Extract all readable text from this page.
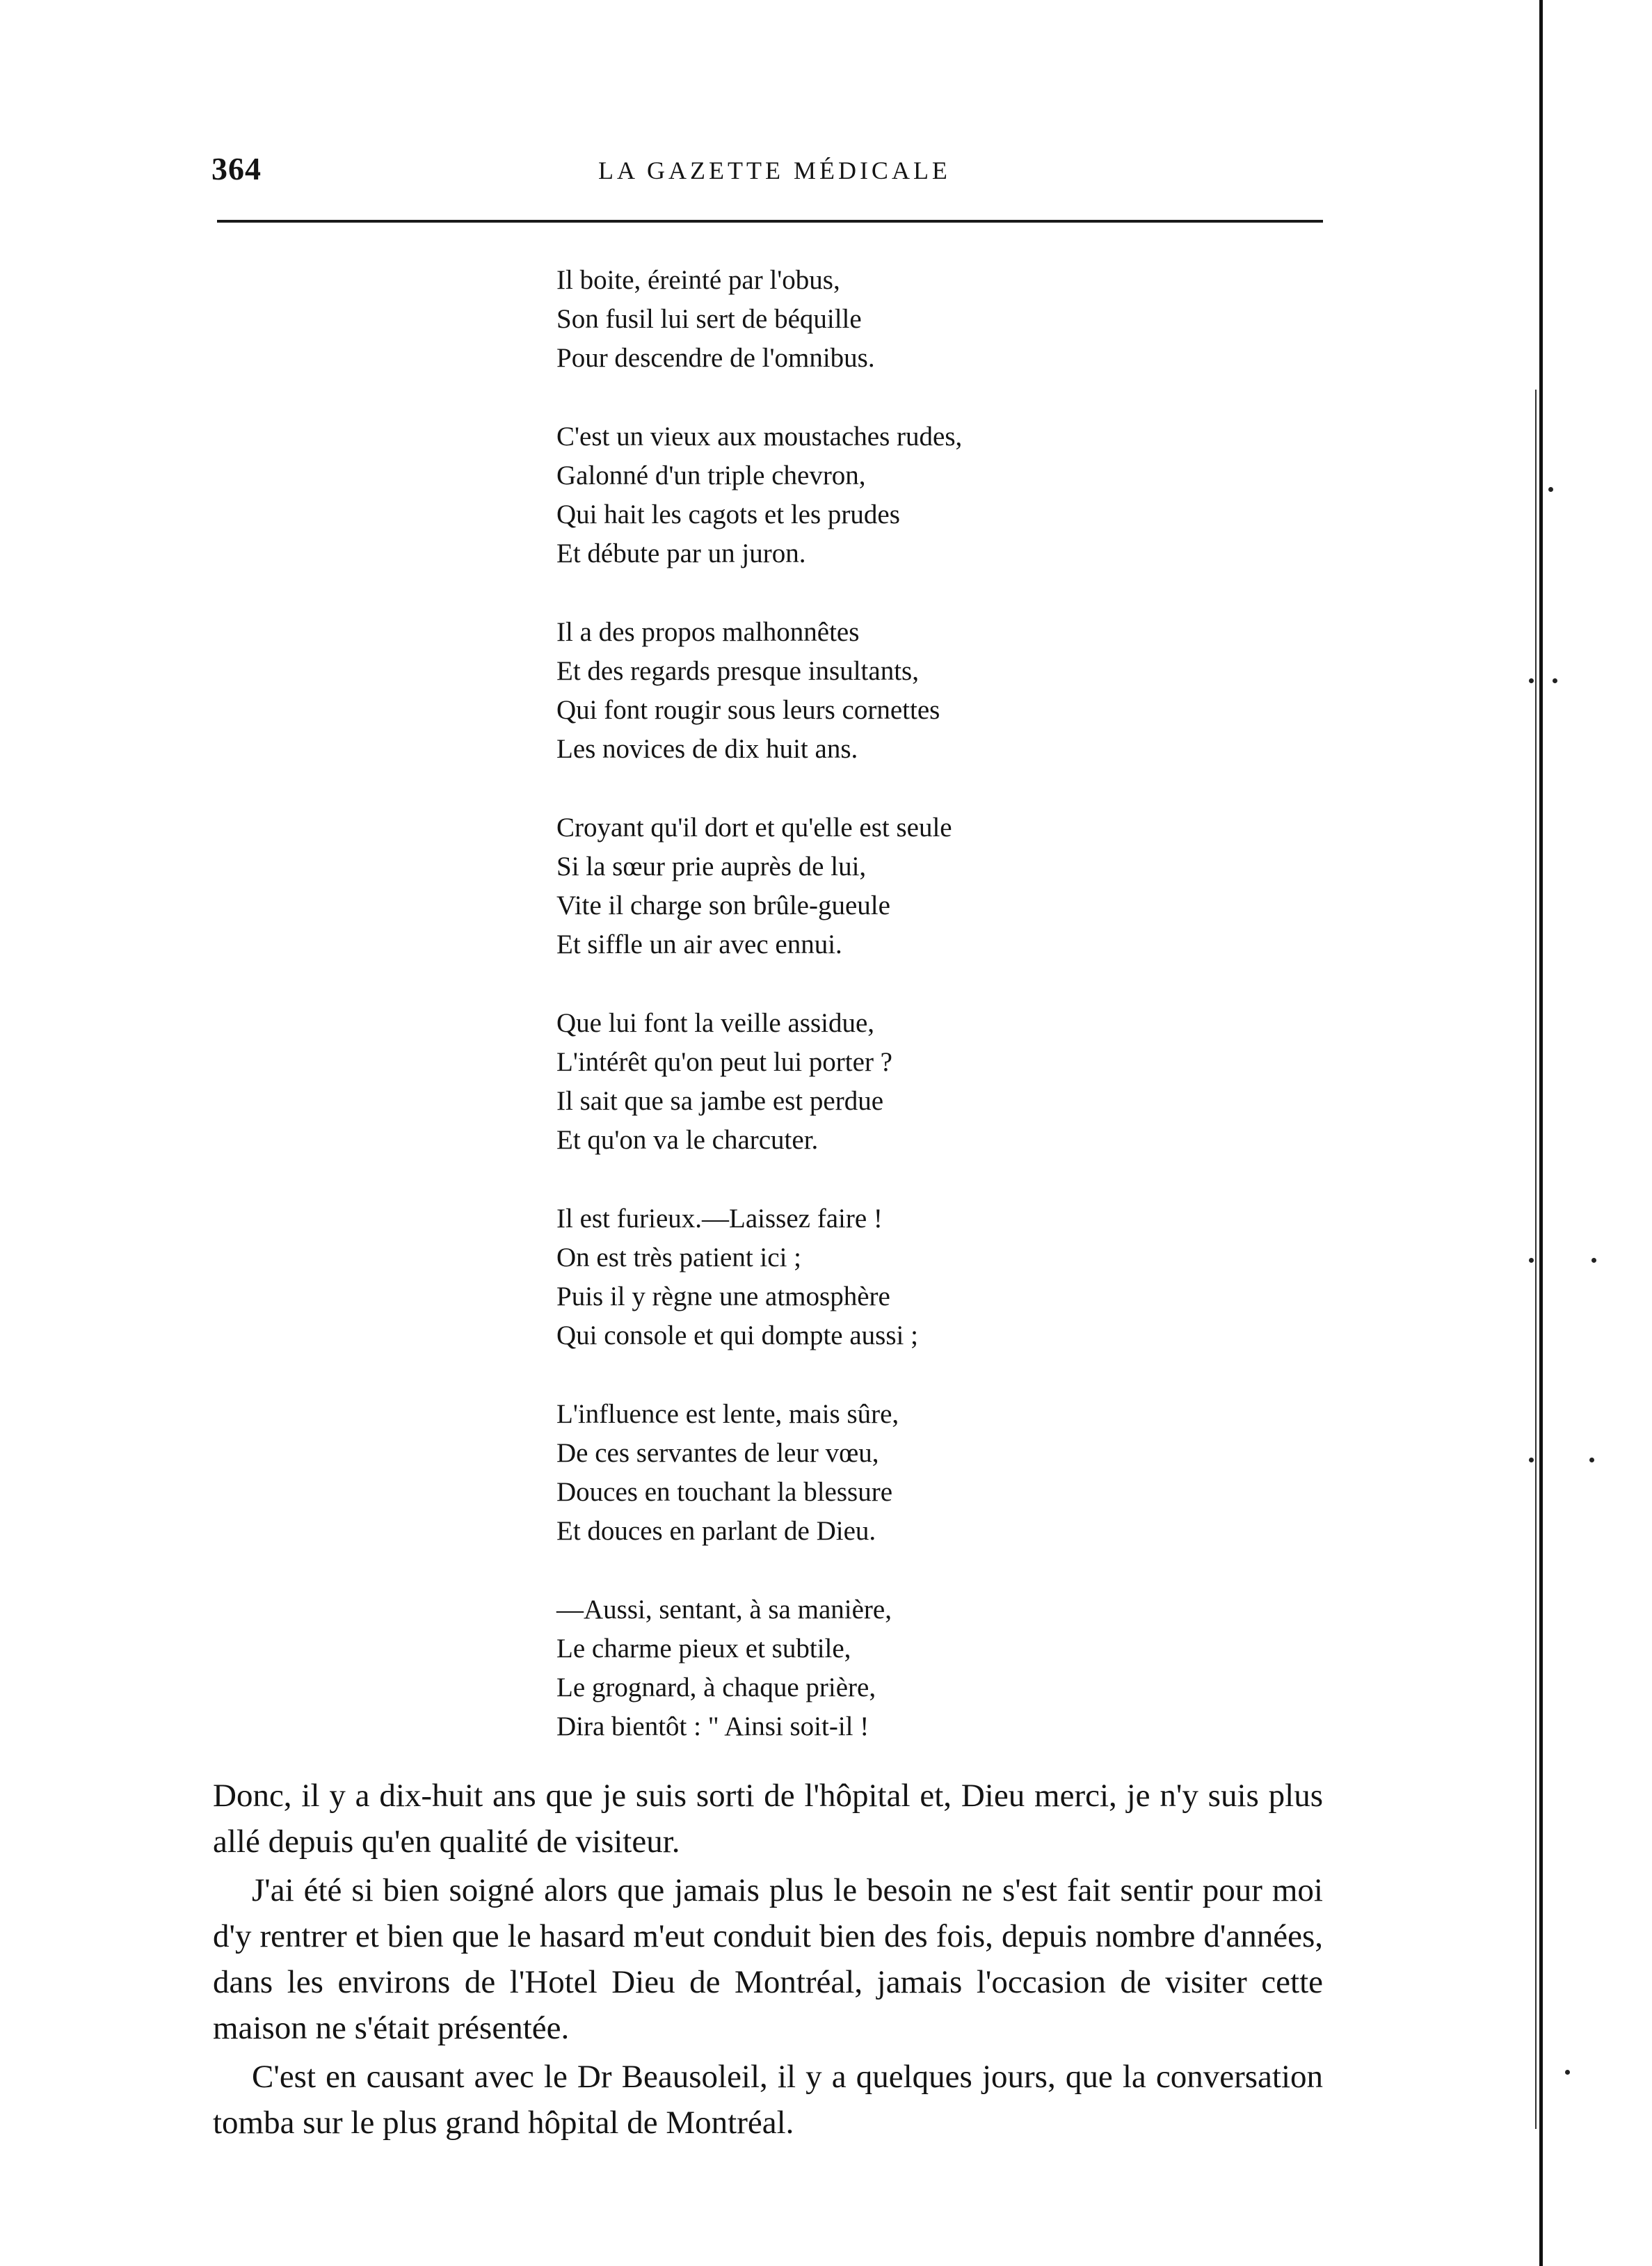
364	LA GAZETTE MÉDICALE
Il boite, éreinté par l'obus,
Son fusil lui sert de béquille
Pour descendre de l'omnibus.
C'est un vieux aux moustaches rudes,
Galonné d'un triple chevron,
Qui hait les cagots et les prudes
Et débute par un juron.
Il a des propos malhonnêtes
Et des regards presque insultants,
Qui font rougir sous leurs cornettes
Les novices de dix huit ans.
Croyant qu'il dort et qu'elle est seule
Si la sœur prie auprès de lui,
Vite il charge son brûle-gueule
Et siffle un air avec ennui.
Que lui font la veille assidue,
L'intérêt qu'on peut lui porter ?
Il sait que sa jambe est perdue
Et qu'on va le charcuter.
Il est furieux.—Laissez faire !
On est très patient ici ;
Puis il y règne une atmosphère
Qui console et qui dompte aussi ;
L'influence est lente, mais sûre,
De ces servantes de leur vœu,
Douces en touchant la blessure
Et douces en parlant de Dieu.
—Aussi, sentant, à sa manière,
Le charme pieux et subtile,
Le grognard, à chaque prière,
Dira bientôt : " Ainsi soit-il !

Donc, il y a dix-huit ans que je suis sorti de l'hôpital et, Dieu merci, je n'y suis plus allé depuis qu'en qualité de visiteur.

J'ai été si bien soigné alors que jamais plus le besoin ne s'est fait sentir pour moi d'y rentrer et bien que le hasard m'eut conduit bien des fois, depuis nombre d'années, dans les environs de l'Hotel Dieu de Montréal, jamais l'occasion de visiter cette maison ne s'était présentée.

C'est en causant avec le Dr Beausoleil, il y a quelques jours, que la conversation tomba sur le plus grand hôpital de Montréal.
